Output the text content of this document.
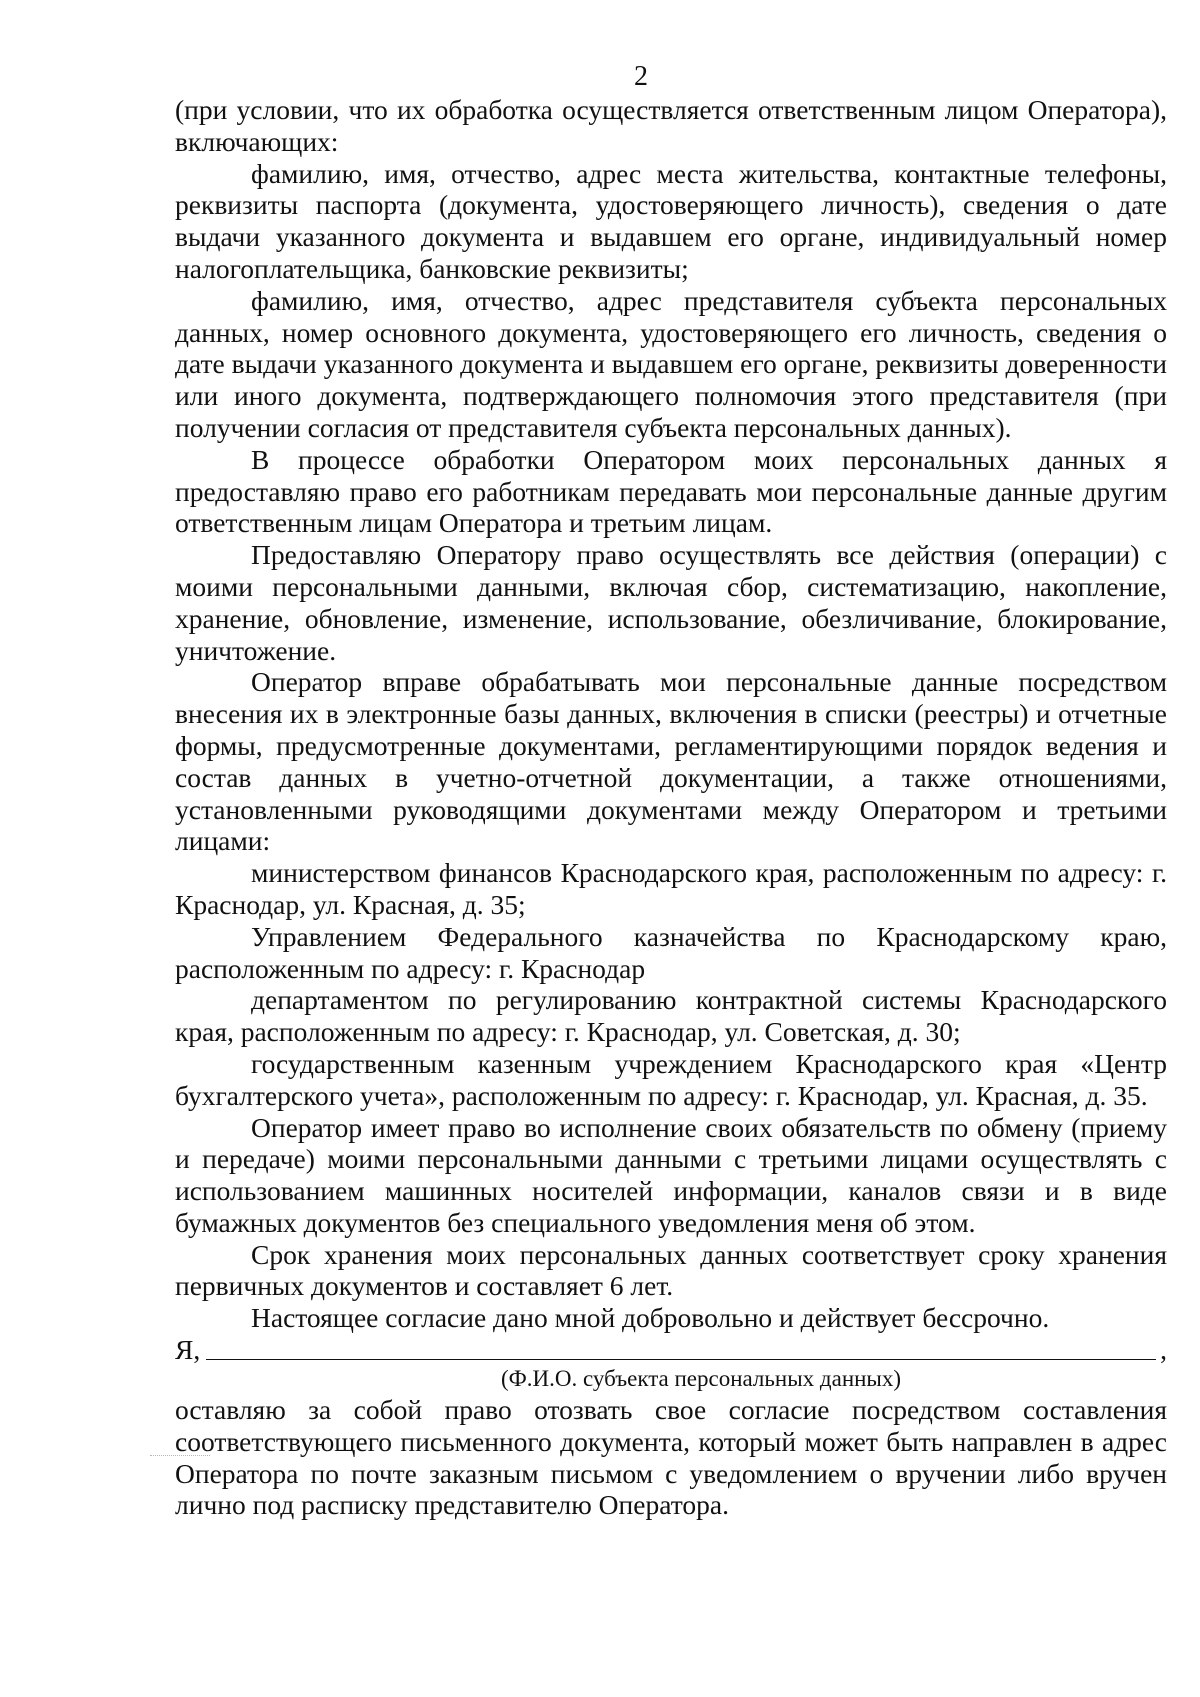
2

(при условии, что их обработка осуществляется ответственным лицом Оператора), включающих:

фамилию, имя, отчество, адрес места жительства, контактные телефоны, реквизиты паспорта (документа, удостоверяющего личность), сведения о дате выдачи указанного документа и выдавшем его органе, индивидуальный номер налогоплательщика, банковские реквизиты;

фамилию, имя, отчество, адрес представителя субъекта персональных данных, номер основного документа, удостоверяющего его личность, сведения о дате выдачи указанного документа и выдавшем его органе, реквизиты доверенности или иного документа, подтверждающего полномочия этого представителя (при получении согласия от представителя субъекта персональных данных).

В процессе обработки Оператором моих персональных данных я предоставляю право его работникам передавать мои персональные данные другим ответственным лицам Оператора и третьим лицам.

Предоставляю Оператору право осуществлять все действия (операции) с моими персональными данными, включая сбор, систематизацию, накопление, хранение, обновление, изменение, использование, обезличивание, блокирование, уничтожение.

Оператор вправе обрабатывать мои персональные данные посредством внесения их в электронные базы данных, включения в списки (реестры) и отчетные формы, предусмотренные документами, регламентирующими порядок ведения и состав данных в учетно-отчетной документации, а также отношениями, установленными руководящими документами между Оператором и третьими лицами:

министерством финансов Краснодарского края, расположенным по адресу: г. Краснодар, ул. Красная, д. 35;

Управлением Федерального казначейства по Краснодарскому краю, расположенным по адресу: г. Краснодар

департаментом по регулированию контрактной системы Краснодарского края, расположенным по адресу: г. Краснодар, ул. Советская, д. 30;

государственным казенным учреждением Краснодарского края «Центр бухгалтерского учета», расположенным по адресу: г. Краснодар, ул. Красная, д. 35.

Оператор имеет право во исполнение своих обязательств по обмену (приему и передаче) моими персональными данными с третьими лицами осуществлять с использованием машинных носителей информации, каналов связи и в виде бумажных документов без специального уведомления меня об этом.

Срок хранения моих персональных данных соответствует сроку хранения первичных документов и составляет 6 лет.

Настоящее согласие дано мной добровольно и действует бессрочно.

Я,	,
(Ф.И.О. субъекта персональных данных)

оставляю за собой право отозвать свое согласие посредством составления соответствующего письменного документа, который может быть направлен в адрес Оператора по почте заказным письмом с уведомлением о вручении либо вручен лично под расписку представителю Оператора.
